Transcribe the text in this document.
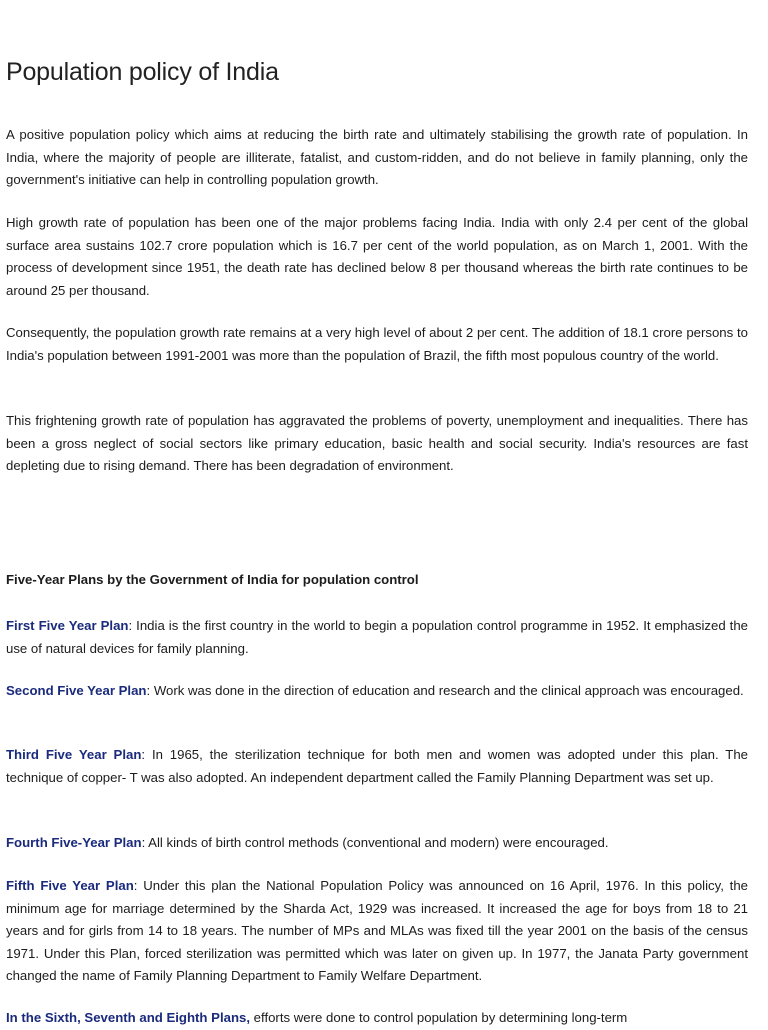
Population policy of India

A positive population policy which aims at reducing the birth rate and ultimately stabilising the growth rate of population. In India, where the majority of people are illiterate, fatalist, and custom-ridden, and do not believe in family planning, only the government's initiative can help in controlling population growth.

High growth rate of population has been one of the major problems facing India. India with only 2.4 per cent of the global surface area sustains 102.7 crore population which is 16.7 per cent of the world population, as on March 1, 2001. With the process of development since 1951, the death rate has declined below 8 per thousand whereas the birth rate continues to be around 25 per thousand.

Consequently, the population growth rate remains at a very high level of about 2 per cent. The addition of 18.1 crore persons to India's population between 1991-2001 was more than the population of Brazil, the fifth most populous country of the world.

This frightening growth rate of population has aggravated the problems of poverty, unemployment and inequalities. There has been a gross neglect of social sectors like primary education, basic health and social security. India's resources are fast depleting due to rising demand. There has been degradation of environment.

Five-Year Plans by the Government of India for population control

First Five Year Plan: India is the first country in the world to begin a population control programme in 1952. It emphasized the use of natural devices for family planning.

Second Five Year Plan: Work was done in the direction of education and research and the clinical approach was encouraged.

Third Five Year Plan: In 1965, the sterilization technique for both men and women was adopted under this plan. The technique of copper- T was also adopted. An independent department called the Family Planning Department was set up.

Fourth Five-Year Plan: All kinds of birth control methods (conventional and modern) were encouraged.

Fifth Five Year Plan: Under this plan the National Population Policy was announced on 16 April, 1976. In this policy, the minimum age for marriage determined by the Sharda Act, 1929 was increased. It increased the age for boys from 18 to 21 years and for girls from 14 to 18 years. The number of MPs and MLAs was fixed till the year 2001 on the basis of the census 1971. Under this Plan, forced sterilization was permitted which was later on given up. In 1977, the Janata Party government changed the name of Family Planning Department to Family Welfare Department.

In the Sixth, Seventh and Eighth Plans, efforts were done to control population by determining long-term
